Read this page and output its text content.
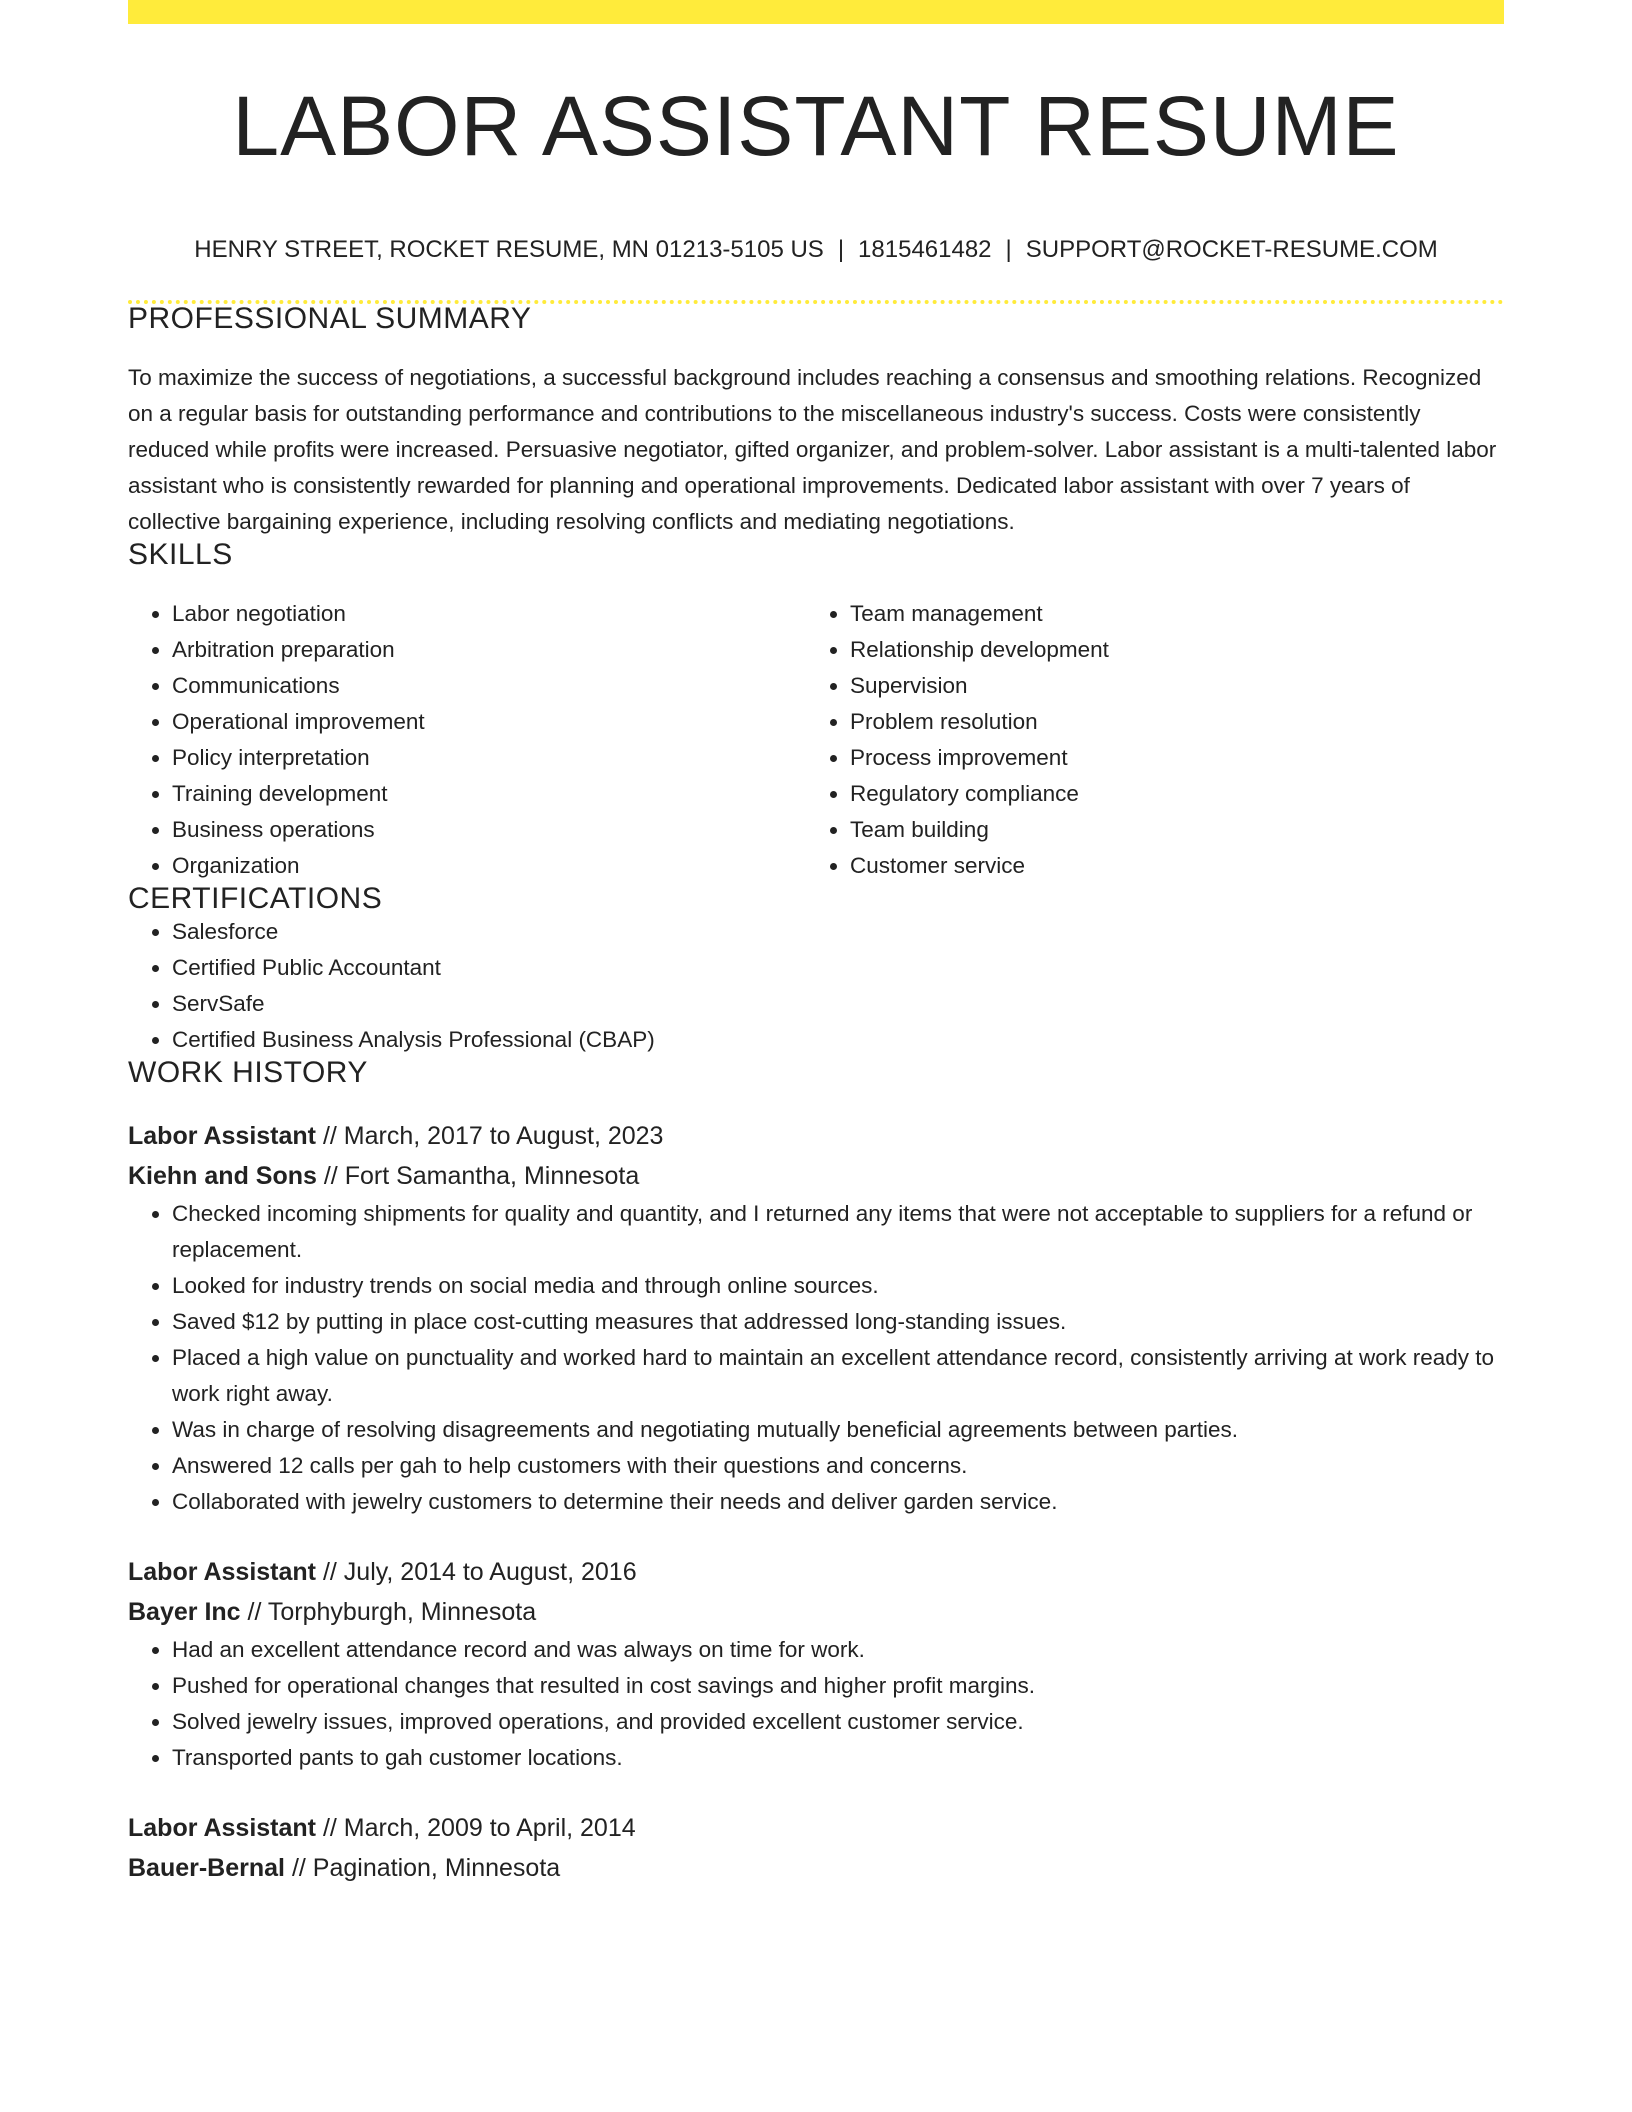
LABOR ASSISTANT RESUME
HENRY STREET, ROCKET RESUME, MN 01213-5105 US | 1815461482 | SUPPORT@ROCKET-RESUME.COM
PROFESSIONAL SUMMARY

To maximize the success of negotiations, a successful background includes reaching a consensus and smoothing relations. Recognized on a regular basis for outstanding performance and contributions to the miscellaneous industry's success. Costs were consistently reduced while profits were increased. Persuasive negotiator, gifted organizer, and problem-solver. Labor assistant is a multi-talented labor assistant who is consistently rewarded for planning and operational improvements. Dedicated labor assistant with over 7 years of collective bargaining experience, including resolving conflicts and mediating negotiations.

SKILLS
• Labor negotiation
• Arbitration preparation
• Communications
• Operational improvement
• Policy interpretation
• Training development
• Business operations
• Organization
• Team management
• Relationship development
• Supervision
• Problem resolution
• Process improvement
• Regulatory compliance
• Team building
• Customer service
CERTIFICATIONS
• Salesforce
• Certified Public Accountant
• ServSafe
• Certified Business Analysis Professional (CBAP)
WORK HISTORY
Labor Assistant // March, 2017 to August, 2023
Kiehn and Sons // Fort Samantha, Minnesota
• Checked incoming shipments for quality and quantity, and I returned any items that were not acceptable to suppliers for a refund or replacement.
• Looked for industry trends on social media and through online sources.
• Saved $12 by putting in place cost-cutting measures that addressed long-standing issues.
• Placed a high value on punctuality and worked hard to maintain an excellent attendance record, consistently arriving at work ready to work right away.
• Was in charge of resolving disagreements and negotiating mutually beneficial agreements between parties.
• Answered 12 calls per gah to help customers with their questions and concerns.
• Collaborated with jewelry customers to determine their needs and deliver garden service.
Labor Assistant // July, 2014 to August, 2016
Bayer Inc // Torphyburgh, Minnesota
• Had an excellent attendance record and was always on time for work.
• Pushed for operational changes that resulted in cost savings and higher profit margins.
• Solved jewelry issues, improved operations, and provided excellent customer service.
• Transported pants to gah customer locations.
Labor Assistant // March, 2009 to April, 2014
Bauer-Bernal // Pagination, Minnesota
